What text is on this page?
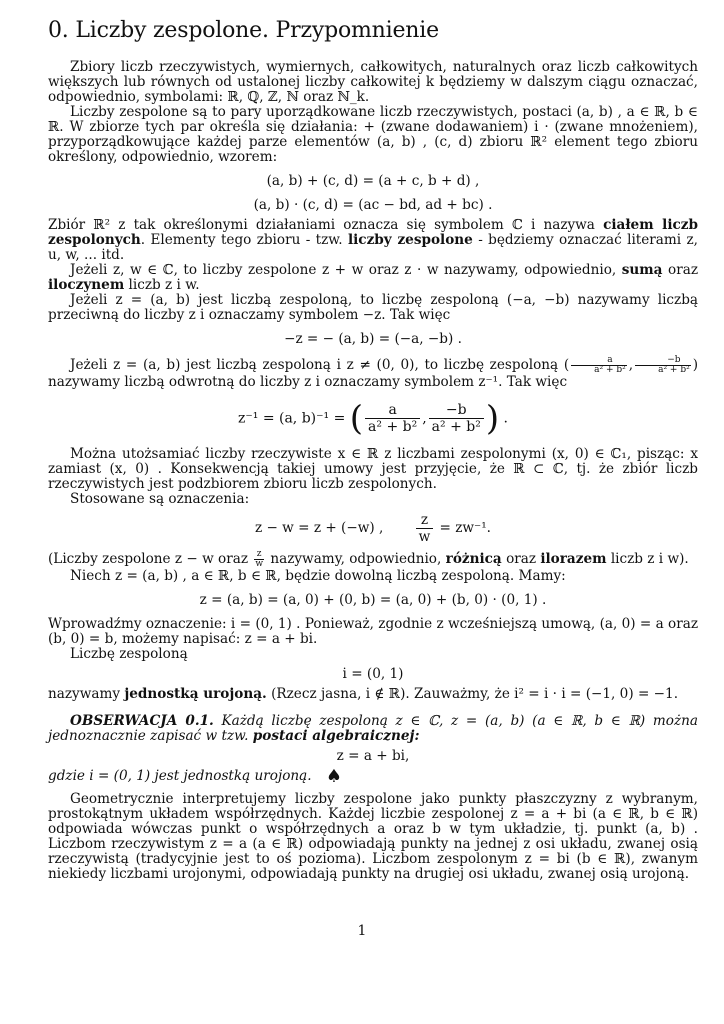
0. Liczby zespolone. Przypomnienie

Zbiory liczb rzeczywistych, wymiernych, całkowitych, naturalnych oraz liczb całkowitych większych lub równych od ustalonej liczby całkowitej k będziemy w dalszym ciągu oznaczać, odpowiednio, symbolami: ℝ, ℚ, ℤ, ℕ oraz ℕ_k.

Liczby zespolone są to pary uporządkowane liczb rzeczywistych, postaci (a, b) , a ∈ ℝ, b ∈ ℝ. W zbiorze tych par określa się działania: + (zwane dodawaniem) i · (zwane mnożeniem), przyporządkowujące każdej parze elementów (a, b) , (c, d) zbioru ℝ² element tego zbioru określony, odpowiednio, wzorem:

(a, b) + (c, d) = (a + c, b + d) ,
(a, b) · (c, d) = (ac − bd, ad + bc) .

Zbiór ℝ² z tak określonymi działaniami oznacza się symbolem ℂ i nazywa ciałem liczb zespolonych. Elementy tego zbioru - tzw. liczby zespolone - będziemy oznaczać literami z, u, w, ... itd.

Jeżeli z, w ∈ ℂ, to liczby zespolone z + w oraz z · w nazywamy, odpowiednio, sumą oraz iloczynem liczb z i w.

Jeżeli z = (a, b) jest liczbą zespoloną, to liczbę zespoloną (−a, −b) nazywamy liczbą przeciwną do liczby z i oznaczamy symbolem −z. Tak więc

−z = − (a, b) = (−a, −b) .

Jeżeli z = (a, b) jest liczbą zespoloną i z ≠ (0, 0), to liczbę zespoloną ( $\frac{a}{\text{a² + b²}}$ , $\frac{-b}{\text{a² + b²}}$ ) nazywamy liczbą odwrotną do liczby z i oznaczamy symbolem z⁻¹. Tak więc

z⁻¹ = (a, b)⁻¹ = ( $\frac{a}{\text{a² + b²}}$ , $\frac{-b}{\text{a² + b²}}$ ) .

Można utożsamiać liczby rzeczywiste x ∈ ℝ z liczbami zespolonymi (x, 0) ∈ ℂ₁, pisząc: x zamiast (x, 0) . Konsekwencją takiej umowy jest przyjęcie, że ℝ ⊂ ℂ, tj. że zbiór liczb rzeczywistych jest podzbiorem zbioru liczb zespolonych.

Stosowane są oznaczenia:

z − w = z + (−w) , $\frac{z}{w} = zw^{-1}$.

(Liczby zespolone z − w oraz $\frac{z}{w}$ nazywamy, odpowiednio, różnicą oraz ilorazem liczb z i w).

Niech z = (a, b) , a ∈ ℝ, b ∈ ℝ, będzie dowolną liczbą zespoloną. Mamy:

z = (a, b) = (a, 0) + (0, b) = (a, 0) + (b, 0) · (0, 1) .

Wprowadźmy oznaczenie: i = (0, 1) . Ponieważ, zgodnie z wcześniejszą umową, (a, 0) = a oraz (b, 0) = b, możemy napisać: z = a + bi.

Liczbę zespoloną

i = (0, 1)

nazywamy jednostką urojoną. (Rzecz jasna, i ∉ ℝ). Zauważmy, że i² = i · i = (−1, 0) = −1.

OBSERWACJA 0.1. Każdą liczbę zespoloną z ∈ ℂ, z = (a, b) (a ∈ ℝ, b ∈ ℝ) można jednoznacznie zapisać w tzw. postaci algebraicznej:

z = a + bi,

gdzie i = (0, 1) jest jednostką urojoną. ♠

Geometrycznie interpretujemy liczby zespolone jako punkty płaszczyzny z wybranym, prostokątnym układem współrzędnych. Każdej liczbie zespolonej z = a + bi (a ∈ ℝ, b ∈ ℝ) odpowiada wówczas punkt o współrzędnych a oraz b w tym układzie, tj. punkt (a, b) . Liczbom rzeczywistym z = a (a ∈ ℝ) odpowiadają punkty na jednej z osi układu, zwanej osią rzeczywistą (tradycyjnie jest to oś pozioma). Liczbom zespolonym z = bi (b ∈ ℝ), zwanym niekiedy liczbami urojonymi, odpowiadają punkty na drugiej osi układu, zwanej osią urojoną.

1
